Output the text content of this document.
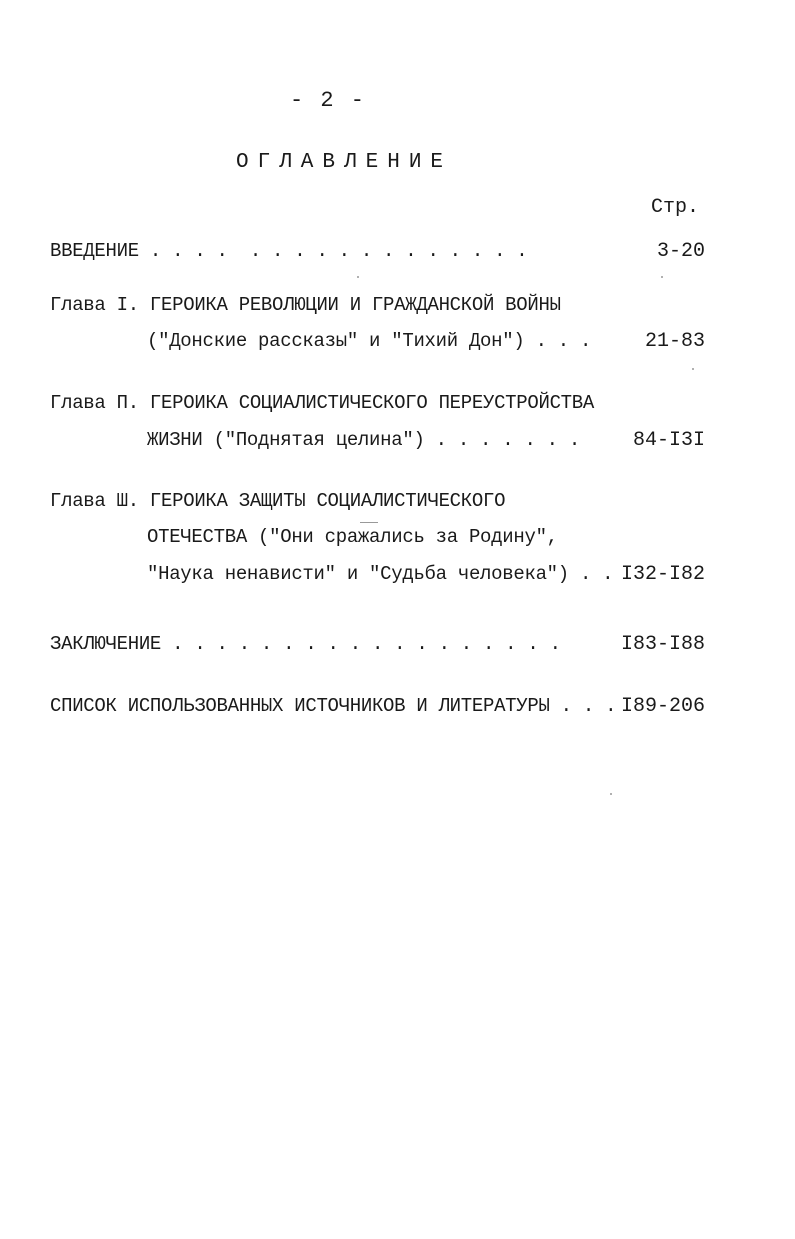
- 2 -
ОГЛАВЛЕНИЕ
Стр.
ВВЕДЕНИЕ . . . .  . . . . . . . . . . . . .	3-20
Глава I. ГЕРОИКА РЕВОЛЮЦИИ И ГРАЖДАНСКОЙ ВОЙНЫ
("Донские рассказы" и "Тихий Дон") . . .	21-83
Глава П. ГЕРОИКА СОЦИАЛИСТИЧЕСКОГО ПЕРЕУСТРОЙСТВА
ЖИЗНИ ("Поднятая целина") . . . . . . .	84-I3I
Глава Ш. ГЕРОИКА ЗАЩИТЫ СОЦИАЛИСТИЧЕСКОГО
ОТЕЧЕСТВА ("Они сражались за Родину",
"Наука ненависти" и "Судьба человека") . . I32-I82
ЗАКЛЮЧЕНИЕ . . . . . . . . . . . . . . . . . .	I83-I88
СПИСОК ИСПОЛЬЗОВАННЫХ ИСТОЧНИКОВ И ЛИТЕРАТУРЫ . . . I89-206
